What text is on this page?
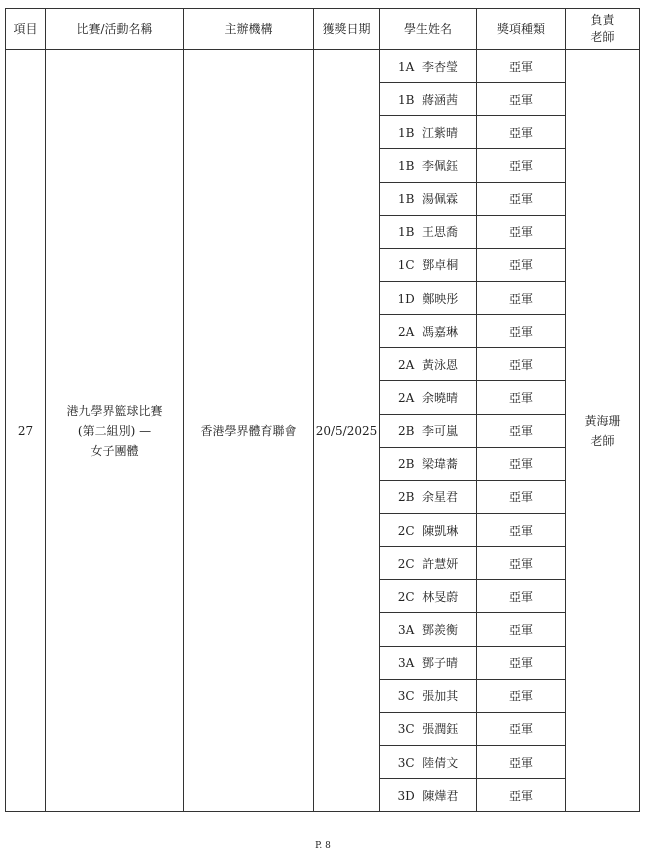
項目	比賽/活動名稱	主辦機構	獲獎日期	學生姓名	獎項種類	負責
老師
27	港九學界籃球比賽
(第二組別) —
女子團體	香港學界體育聯會	20/5/2025	1A  李杏瑩	亞軍	黃海珊
老師
				1B  蔣涵茜	亞軍	
				1B  江紫晴	亞軍	
				1B  李佩鈺	亞軍	
				1B  湯佩霖	亞軍	
				1B  王思喬	亞軍	
				1C  鄧卓桐	亞軍	
				1D  鄭映彤	亞軍	
				2A  馮嘉琳	亞軍	
				2A  黃泳恩	亞軍	
				2A  余曉晴	亞軍	
				2B  李可嵐	亞軍	
				2B  梁瑋蕎	亞軍	
				2B  余星君	亞軍	
				2C  陳凱琳	亞軍	
				2C  許慧妍	亞軍	
				2C  林旻蔚	亞軍	
				3A  鄧羨衡	亞軍	
				3A  鄧子晴	亞軍	
				3C  張加其	亞軍	
				3C  張潤鈺	亞軍	
				3C  陸倩文	亞軍	
				3D  陳燁君	亞軍	
P. 8
